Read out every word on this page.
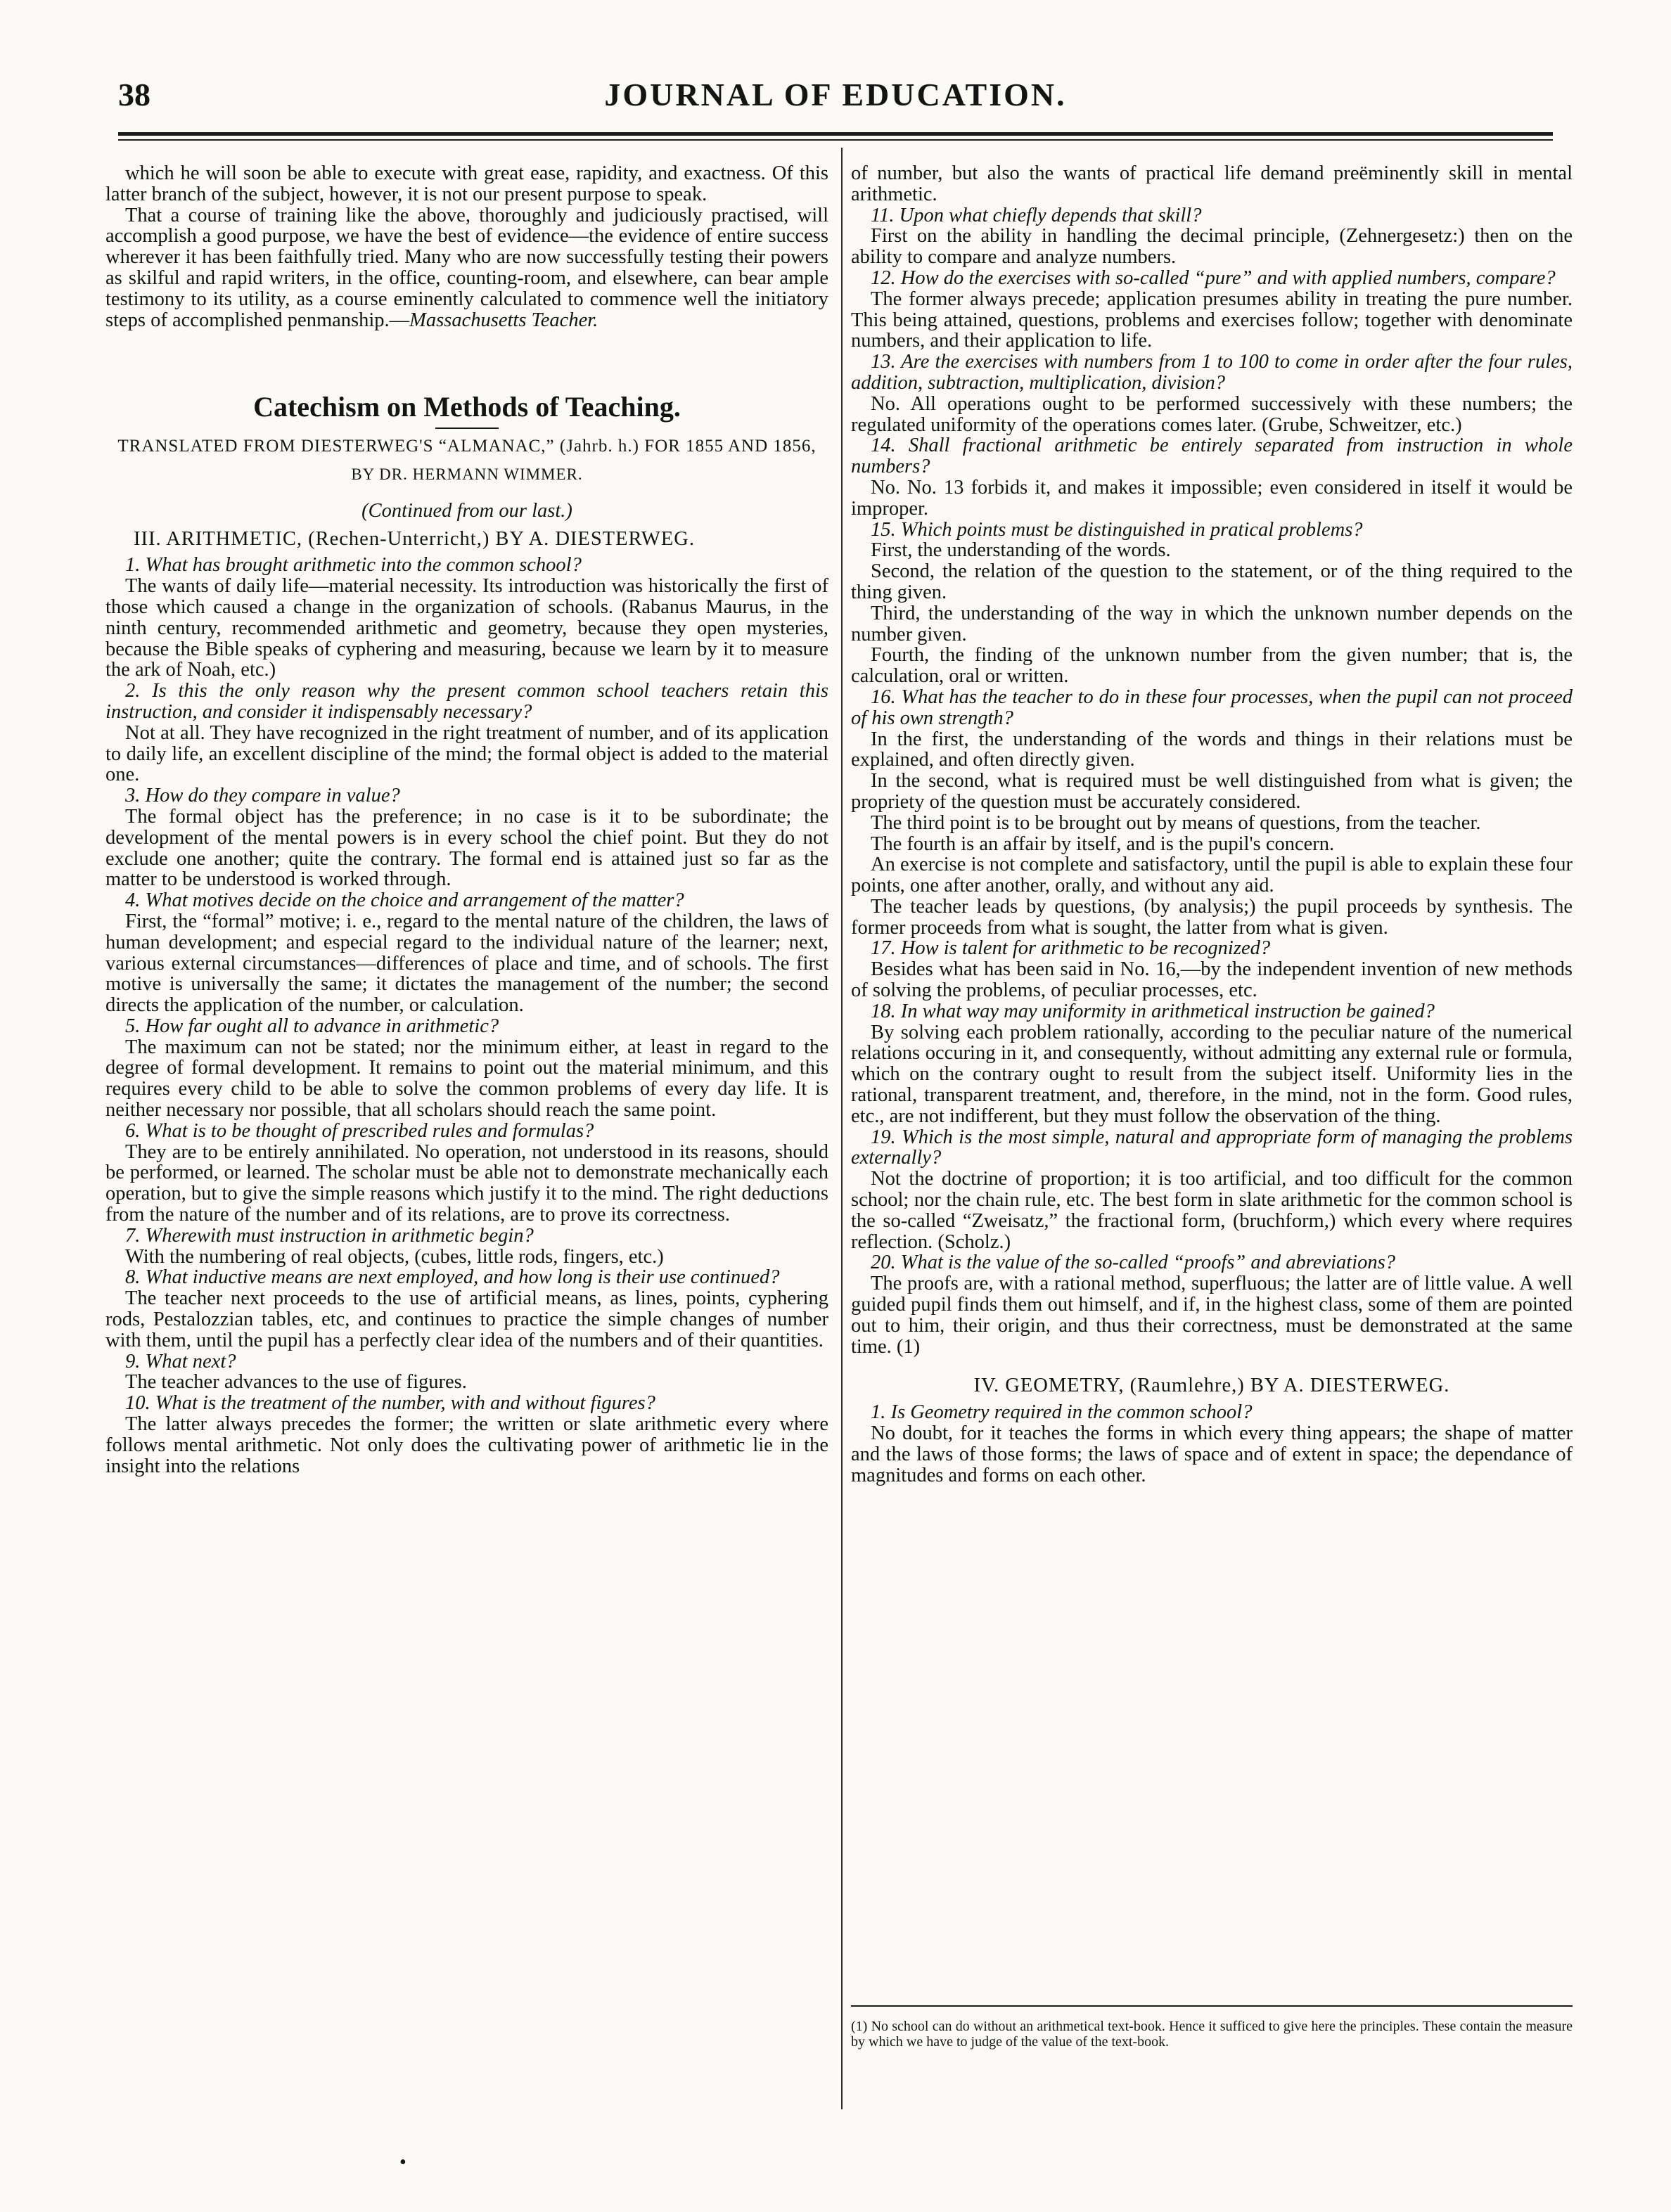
38	JOURNAL OF EDUCATION.

which he will soon be able to execute with great ease, rapidity, and exactness. Of this latter branch of the subject, however, it is not our present purpose to speak.

That a course of training like the above, thoroughly and judiciously practised, will accomplish a good purpose, we have the best of evidence—the evidence of entire success wherever it has been faithfully tried. Many who are now successfully testing their powers as skilful and rapid writers, in the office, counting-room, and elsewhere, can bear ample testimony to its utility, as a course eminently calculated to commence well the initiatory steps of accomplished penmanship.—Massachusetts Teacher.

Catechism on Methods of Teaching.

TRANSLATED FROM DIESTERWEG'S “ALMANAC,” (Jahrb. h.) FOR 1855 AND 1856,

BY DR. HERMANN WIMMER.

(Continued from our last.)

III. ARITHMETIC, (Rechen-Unterricht,) BY A. DIESTERWEG.

1. What has brought arithmetic into the common school?

The wants of daily life—material necessity. Its introduction was historically the first of those which caused a change in the organization of schools. (Rabanus Maurus, in the ninth century, recommended arithmetic and geometry, because they open mysteries, because the Bible speaks of cyphering and measuring, because we learn by it to measure the ark of Noah, etc.)

2. Is this the only reason why the present common school teachers retain this instruction, and consider it indispensably necessary?

Not at all. They have recognized in the right treatment of number, and of its application to daily life, an excellent discipline of the mind; the formal object is added to the material one.

3. How do they compare in value?

The formal object has the preference; in no case is it to be subordinate; the development of the mental powers is in every school the chief point. But they do not exclude one another; quite the contrary. The formal end is attained just so far as the matter to be understood is worked through.

4. What motives decide on the choice and arrangement of the matter?

First, the “formal” motive; i. e., regard to the mental nature of the children, the laws of human development; and especial regard to the individual nature of the learner; next, various external circumstances—differences of place and time, and of schools. The first motive is universally the same; it dictates the management of the number; the second directs the application of the number, or calculation.

5. How far ought all to advance in arithmetic?

The maximum can not be stated; nor the minimum either, at least in regard to the degree of formal development. It remains to point out the material minimum, and this requires every child to be able to solve the common problems of every day life. It is neither necessary nor possible, that all scholars should reach the same point.

6. What is to be thought of prescribed rules and formulas?

They are to be entirely annihilated. No operation, not understood in its reasons, should be performed, or learned. The scholar must be able not to demonstrate mechanically each operation, but to give the simple reasons which justify it to the mind. The right deductions from the nature of the number and of its relations, are to prove its correctness.

7. Wherewith must instruction in arithmetic begin?

With the numbering of real objects, (cubes, little rods, fingers, etc.)

8. What inductive means are next employed, and how long is their use continued?

The teacher next proceeds to the use of artificial means, as lines, points, cyphering rods, Pestalozzian tables, etc, and continues to practice the simple changes of number with them, until the pupil has a perfectly clear idea of the numbers and of their quantities.

9. What next?

The teacher advances to the use of figures.

10. What is the treatment of the number, with and without figures?

The latter always precedes the former; the written or slate arithmetic every where follows mental arithmetic. Not only does the cultivating power of arithmetic lie in the insight into the relations

of number, but also the wants of practical life demand preëminently skill in mental arithmetic.

11. Upon what chiefly depends that skill?

First on the ability in handling the decimal principle, (Zehnergesetz:) then on the ability to compare and analyze numbers.

12. How do the exercises with so-called “pure” and with applied numbers, compare?

The former always precede; application presumes ability in treating the pure number. This being attained, questions, problems and exercises follow; together with denominate numbers, and their application to life.

13. Are the exercises with numbers from 1 to 100 to come in order after the four rules, addition, subtraction, multiplication, division?

No. All operations ought to be performed successively with these numbers; the regulated uniformity of the operations comes later. (Grube, Schweitzer, etc.)

14. Shall fractional arithmetic be entirely separated from instruction in whole numbers?

No. No. 13 forbids it, and makes it impossible; even considered in itself it would be improper.

15. Which points must be distinguished in pratical problems?

First, the understanding of the words.

Second, the relation of the question to the statement, or of the thing required to the thing given.

Third, the understanding of the way in which the unknown number depends on the number given.

Fourth, the finding of the unknown number from the given number; that is, the calculation, oral or written.

16. What has the teacher to do in these four processes, when the pupil can not proceed of his own strength?

In the first, the understanding of the words and things in their relations must be explained, and often directly given.

In the second, what is required must be well distinguished from what is given; the propriety of the question must be accurately considered.

The third point is to be brought out by means of questions, from the teacher.

The fourth is an affair by itself, and is the pupil's concern.

An exercise is not complete and satisfactory, until the pupil is able to explain these four points, one after another, orally, and without any aid.

The teacher leads by questions, (by analysis;) the pupil proceeds by synthesis. The former proceeds from what is sought, the latter from what is given.

17. How is talent for arithmetic to be recognized?

Besides what has been said in No. 16,—by the independent invention of new methods of solving the problems, of peculiar processes, etc.

18. In what way may uniformity in arithmetical instruction be gained?

By solving each problem rationally, according to the peculiar nature of the numerical relations occuring in it, and consequently, without admitting any external rule or formula, which on the contrary ought to result from the subject itself. Uniformity lies in the rational, transparent treatment, and, therefore, in the mind, not in the form. Good rules, etc., are not indifferent, but they must follow the observation of the thing.

19. Which is the most simple, natural and appropriate form of managing the problems externally?

Not the doctrine of proportion; it is too artificial, and too difficult for the common school; nor the chain rule, etc. The best form in slate arithmetic for the common school is the so-called “Zweisatz,” the fractional form, (bruchform,) which every where requires reflection. (Scholz.)

20. What is the value of the so-called “proofs” and abreviations?

The proofs are, with a rational method, superfluous; the latter are of little value. A well guided pupil finds them out himself, and if, in the highest class, some of them are pointed out to him, their origin, and thus their correctness, must be demonstrated at the same time. (1)

IV. GEOMETRY, (Raumlehre,) BY A. DIESTERWEG.

1. Is Geometry required in the common school?

No doubt, for it teaches the forms in which every thing appears; the shape of matter and the laws of those forms; the laws of space and of extent in space; the dependance of magnitudes and forms on each other.

(1) No school can do without an arithmetical text-book. Hence it sufficed to give here the principles. These contain the measure by which we have to judge of the value of the text-book.
•
